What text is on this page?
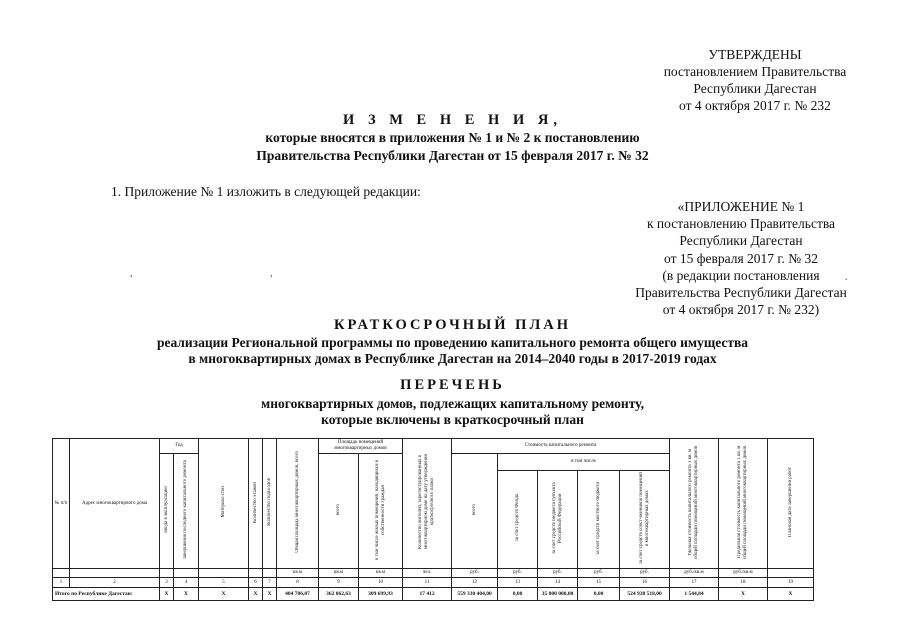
УТВЕРЖДЕНЫ
постановлением Правительства
Республики Дагестан
от 4 октября 2017 г. № 232
И З М Е Н Е Н И Я,
которые вносятся в приложения № 1 и № 2 к постановлению
Правительства Республики Дагестан от 15 февраля 2017 г. № 32
1. Приложение № 1 изложить в следующей редакции:
«ПРИЛОЖЕНИЕ № 1
к постановлению Правительства
Республики Дагестан
от 15 февраля 2017 г. № 32
(в редакции постановления
Правительства Республики Дагестан
от 4 октября 2017 г. № 232)
,	,	.
КРАТКОСРОЧНЫЙ ПЛАН
реализации Региональной программы по проведению капитального ремонта общего имущества
в многоквартирных домах в Республике Дагестан на 2014–2040 годы в 2017-2019 годах
ПЕРЕЧЕНЬ
многоквартирных домов, подлежащих капитальному ремонту,
которые включены в краткосрочный план
№ п/п	Адрес многоквартирного дома	Год		Материал стен	Количество этажей	Количество подъездов	Общая площадь многоквартирных домов, всего	Площадь помещений многоквартирных домов		Количество жителей, зарегистрированных в многоквартирном доме на дату утверждения краткосрочного плана	Стоимость капитального ремонта					Удельная стоимость капитального ремонта 1 кв. м общей площади помещений многоквартирных домов	Предельная стоимость капитального ремонта 1 кв. м общей площади помещений многоквартирных домов	Плановая дата завершения работ
		ввода в эксплуатацию	завершения последнего капитального ремонта					всего	в том числе жилых помещений, находящихся в собственности граждан		всего	в том числе						
												за счет средств Фонда	за счет средств бюджета субъекта Российской Федерации	за счет средств местного бюджета	за счет средств собст-венников помещений в многоквартирных домах			
							кв.м	кв.м	кв.м	чел.	руб.	руб.	руб.	руб.	руб.	руб./кв.м	руб./кв.м	
1	2	3	4	5	6	7	8	9	10	11	12	13	14	15	16	17	18	19
Итого по Республике Дагестан:		Х	Х	Х	Х	Х	404 706,07	362 062,63	309 699,93	17 412	559 330 404,00	0,00	35 000 000,00	0,00	524 938 518,00	1 544,84	Х	Х
